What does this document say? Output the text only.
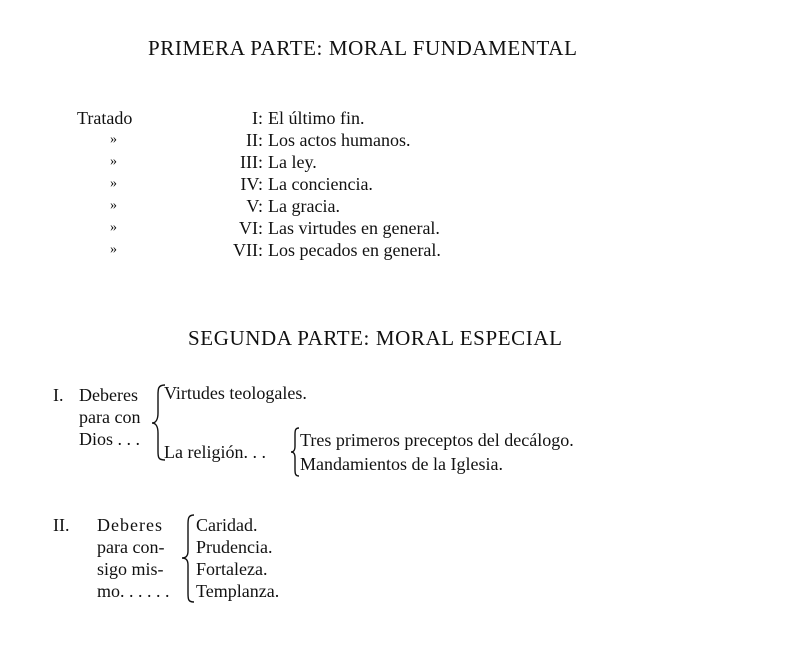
PRIMERA PARTE: MORAL FUNDAMENTAL
Tratado	I: El último fin.
»	II: Los actos humanos.
»	III: La ley.
»	IV: La conciencia.
»	V: La gracia.
»	VI: Las virtudes en general.
»	VII: Los pecados en general.
SEGUNDA PARTE: MORAL ESPECIAL
I. Deberes
para con
Dios . . .
Virtudes teologales.
La religión. . .
Tres primeros preceptos del decálogo.
Mandamientos de la Iglesia.
II. Deberes
para con-
sigo mis-
mo. . . . . .
Caridad.
Prudencia.
Fortaleza.
Templanza.
